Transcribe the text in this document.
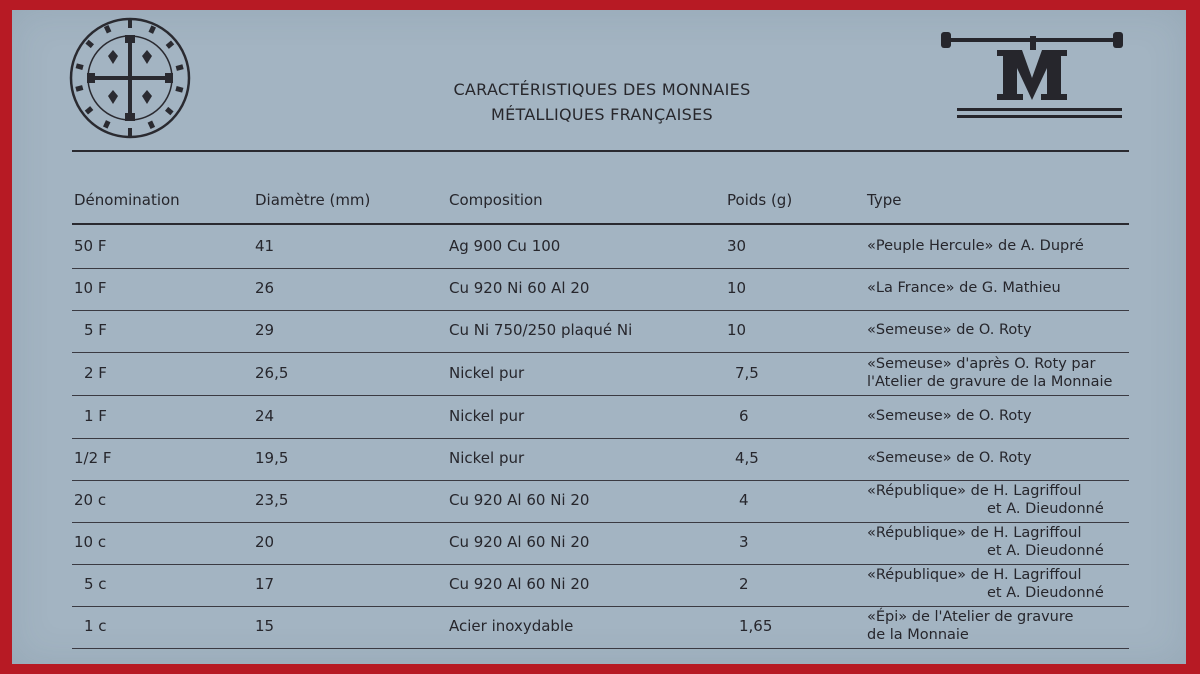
CARACTÉRISTIQUES DES MONNAIES
MÉTALLIQUES FRANÇAISES
Dénomination	Diamètre (mm)	Composition	Poids (g)	Type
50 F	41	Ag 900 Cu 100	30	«Peuple Hercule» de A. Dupré
10 F	26	Cu 920 Ni 60 Al 20	10	«La France» de G. Mathieu
5 F	29	Cu Ni 750/250 plaqué Ni	10	«Semeuse» de O. Roty
2 F	26,5	Nickel pur	7,5	«Semeuse» d'après O. Roty par
l'Atelier de gravure de la Monnaie
1 F	24	Nickel pur	6	«Semeuse» de O. Roty
1/2 F	19,5	Nickel pur	4,5	«Semeuse» de O. Roty
20 c	23,5	Cu 920 Al 60 Ni 20	4	«République» de H. Lagriffoul
et A. Dieudonné
10 c	20	Cu 920 Al 60 Ni 20	3	«République» de H. Lagriffoul
et A. Dieudonné
5 c	17	Cu 920 Al 60 Ni 20	2	«République» de H. Lagriffoul
et A. Dieudonné
1 c	15	Acier inoxydable	1,65	«Épi» de l'Atelier de gravure
de la Monnaie
